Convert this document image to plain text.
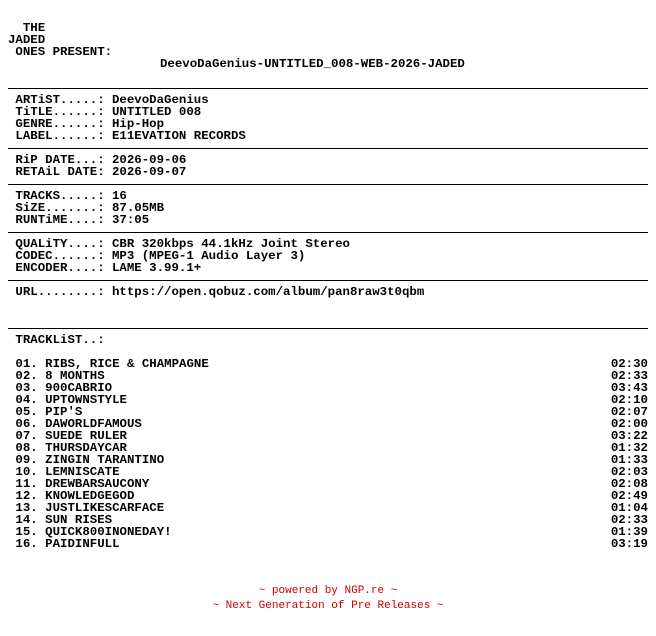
THE
JADED
ONES PRESENT:
DeevoDaGenius-UNTITLED_008-WEB-2026-JADED
ARTiST.....: DeevoDaGenius
TiTLE......: UNTITLED 008
GENRE......: Hip-Hop
LABEL......: E11EVATION RECORDS
RiP DATE...: 2026-09-06
RETAiL DATE: 2026-09-07
TRACKS.....: 16
SiZE.......: 87.05MB
RUNTiME....: 37:05
QUALiTY....: CBR 320kbps 44.1kHz Joint Stereo
CODEC......: MP3 (MPEG-1 Audio Layer 3)
ENCODER....: LAME 3.99.1+
URL........: https://open.qobuz.com/album/pan8raw3t0qbm
TRACKLiST..:
01. RIBS, RICE & CHAMPAGNE	02:30
02. 8 MONTHS	02:33
03. 900CABRIO	03:43
04. UPTOWNSTYLE	02:10
05. PIP'S	02:07
06. DAWORLDFAMOUS	02:00
07. SUEDE RULER	03:22
08. THURSDAYCAR	01:32
09. ZINGIN TARANTINO	01:33
10. LEMNISCATE	02:03
11. DREWBARSAUCONY	02:08
12. KNOWLEDGEGOD	02:49
13. JUSTLIKESCARFACE	01:04
14. SUN RISES	02:33
15. QUICK800INONEDAY!	01:39
16. PAIDINFULL	03:19
~ powered by NGP.re ~
~ Next Generation of Pre Releases ~
